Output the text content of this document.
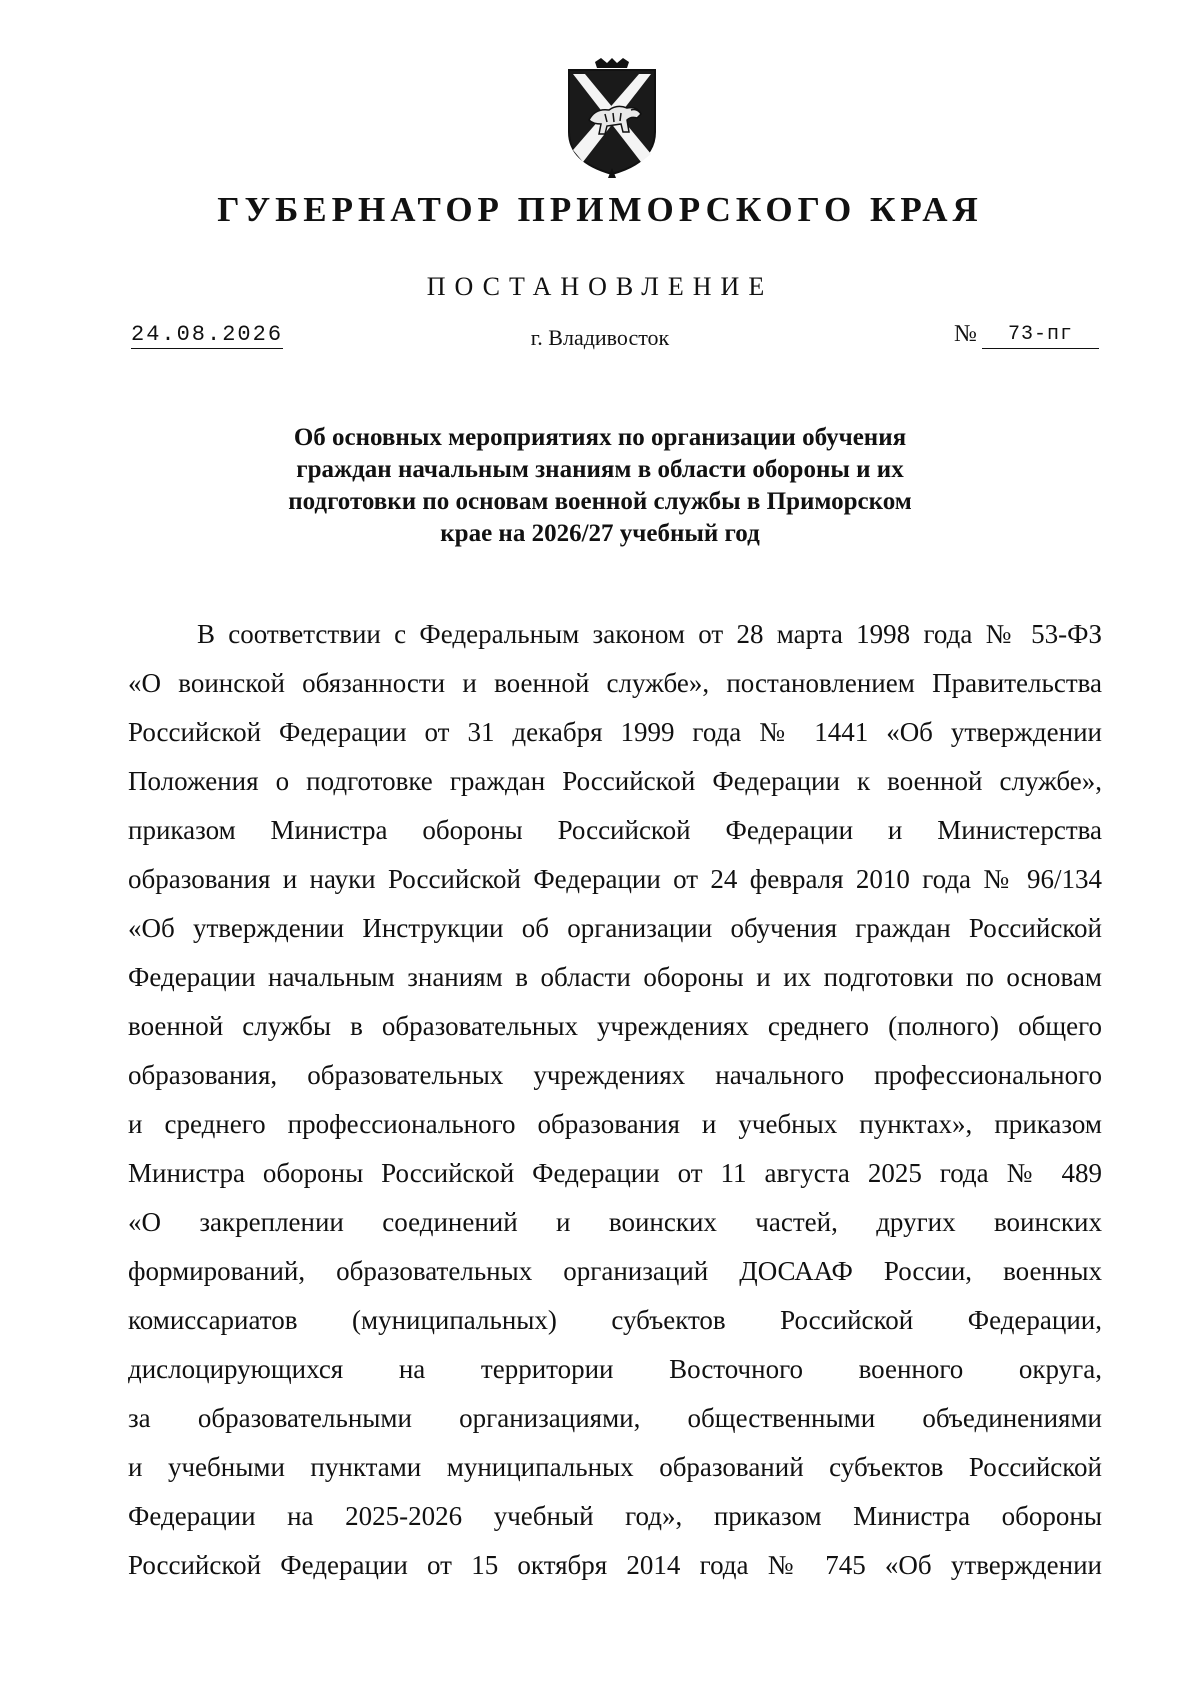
ГУБЕРНАТОР ПРИМОРСКОГО КРАЯ
ПОСТАНОВЛЕНИЕ
24.08.2026	г. Владивосток	№	73-пг
Об основных мероприятиях по организации обучения
граждан начальным знаниям в области обороны и их
подготовки по основам военной службы в Приморском
крае на 2026/27 учебный год
В соответствии с Федеральным законом от 28 марта 1998 года № 53-ФЗ
«О воинской обязанности и военной службе», постановлением Правительства
Российской Федерации от 31 декабря 1999 года № 1441 «Об утверждении
Положения о подготовке граждан Российской Федерации к военной службе»,
приказом Министра обороны Российской Федерации и Министерства
образования и науки Российской Федерации от 24 февраля 2010 года № 96/134
«Об утверждении Инструкции об организации обучения граждан Российской
Федерации начальным знаниям в области обороны и их подготовки по основам
военной службы в образовательных учреждениях среднего (полного) общего
образования, образовательных учреждениях начального профессионального
и среднего профессионального образования и учебных пунктах», приказом
Министра обороны Российской Федерации от 11 августа 2025 года № 489
«О закреплении соединений и воинских частей, других воинских
формирований, образовательных организаций ДОСААФ России, военных
комиссариатов (муниципальных) субъектов Российской Федерации,
дислоцирующихся на территории Восточного военного округа,
за образовательными организациями, общественными объединениями
и учебными пунктами муниципальных образований субъектов Российской
Федерации на 2025-2026 учебный год», приказом Министра обороны
Российской Федерации от 15 октября 2014 года № 745 «Об утверждении
